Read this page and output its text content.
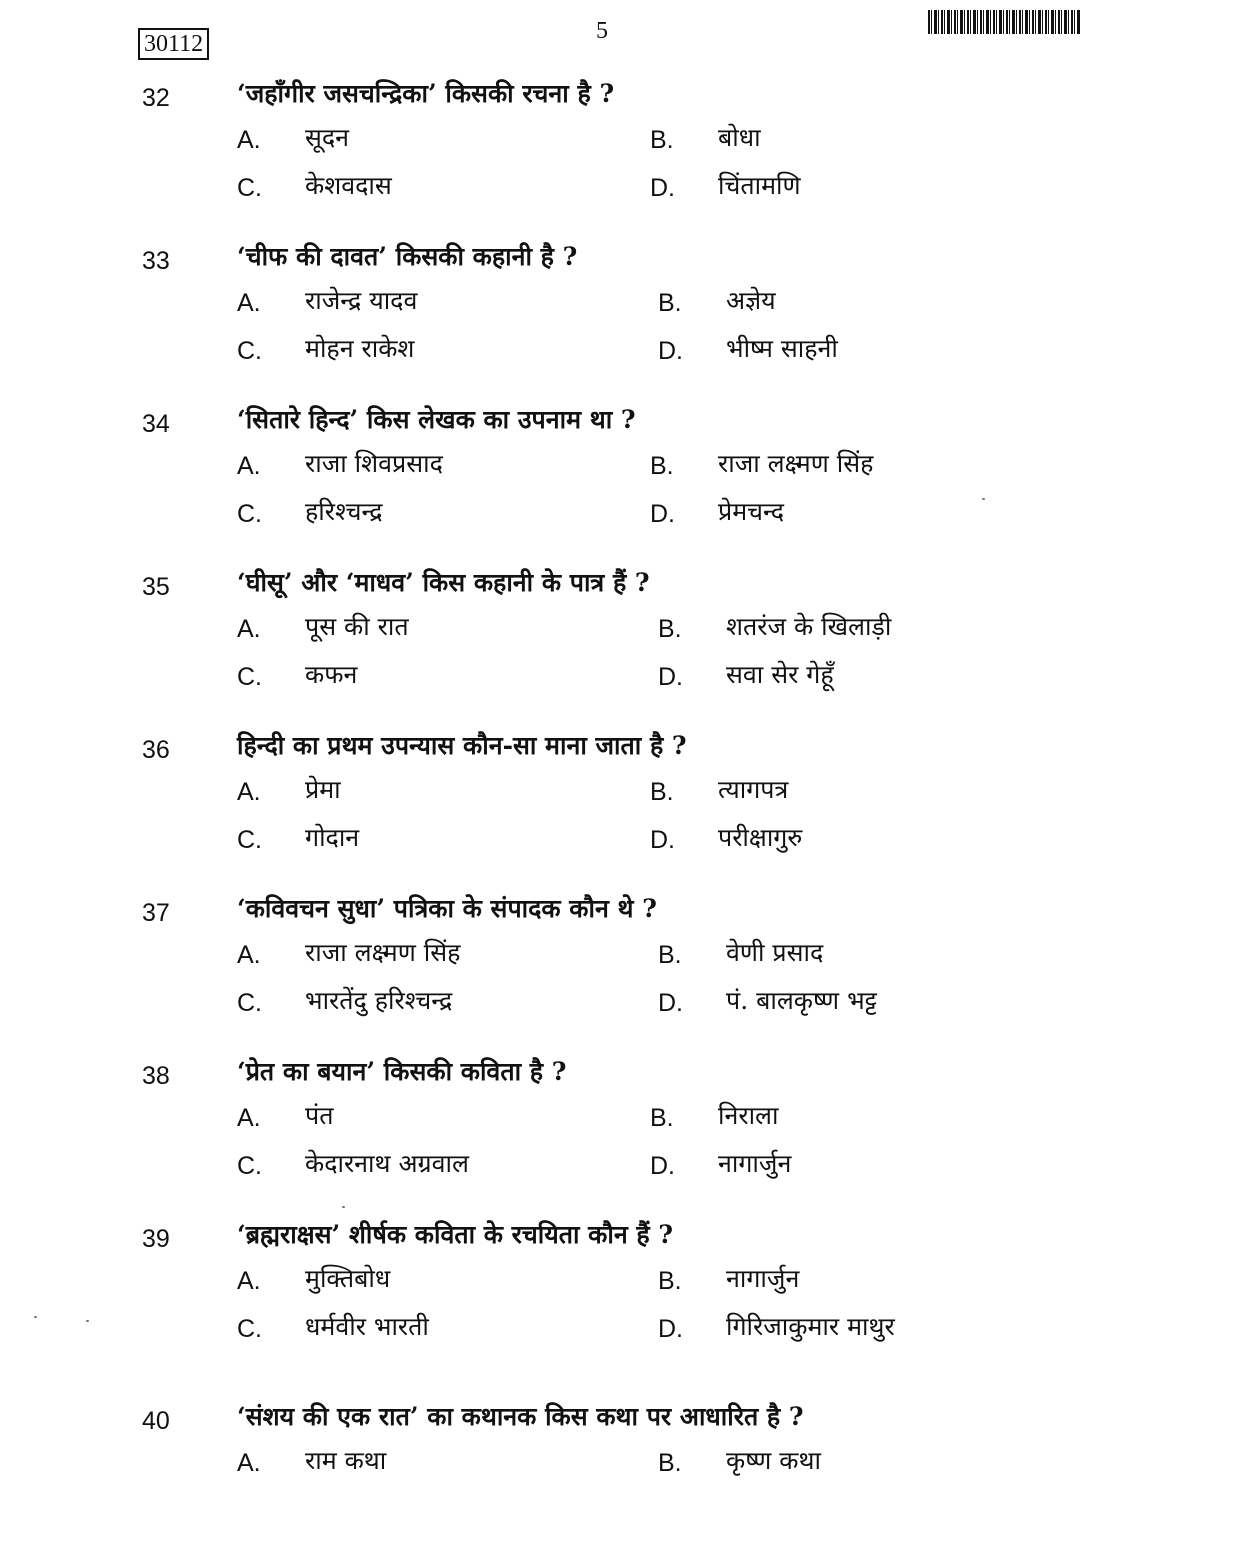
30112	5
32	‘जहाँगीर जसचन्द्रिका’ किसकी रचना है ?
A. सूदन	B. बोधा
C. केशवदास	D. चिंतामणि
33	‘चीफ की दावत’ किसकी कहानी है ?
A. राजेन्द्र यादव	B. अज्ञेय
C. मोहन राकेश	D. भीष्म साहनी
34	‘सितारे हिन्द’ किस लेखक का उपनाम था ?
A. राजा शिवप्रसाद	B. राजा लक्ष्मण सिंह
C. हरिश्चन्द्र	D. प्रेमचन्द
35	‘घीसू’ और ‘माधव’ किस कहानी के पात्र हैं ?
A. पूस की रात	B. शतरंज के खिलाड़ी
C. कफन	D. सवा सेर गेहूँ
36	हिन्दी का प्रथम उपन्यास कौन-सा माना जाता है ?
A. प्रेमा	B. त्यागपत्र
C. गोदान	D. परीक्षागुरु
37	‘कविवचन सुधा’ पत्रिका के संपादक कौन थे ?
A. राजा लक्ष्मण सिंह	B. वेणी प्रसाद
C. भारतेंदु हरिश्चन्द्र	D. पं. बालकृष्ण भट्ट
38	‘प्रेत का बयान’ किसकी कविता है ?
A. पंत	B. निराला
C. केदारनाथ अग्रवाल	D. नागार्जुन
39	‘ब्रह्मराक्षस’ शीर्षक कविता के रचयिता कौन हैं ?
A. मुक्तिबोध	B. नागार्जुन
C. धर्मवीर भारती	D. गिरिजाकुमार माथुर
40	‘संशय की एक रात’ का कथानक किस कथा पर आधारित है ?
A. राम कथा	B. कृष्ण कथा
